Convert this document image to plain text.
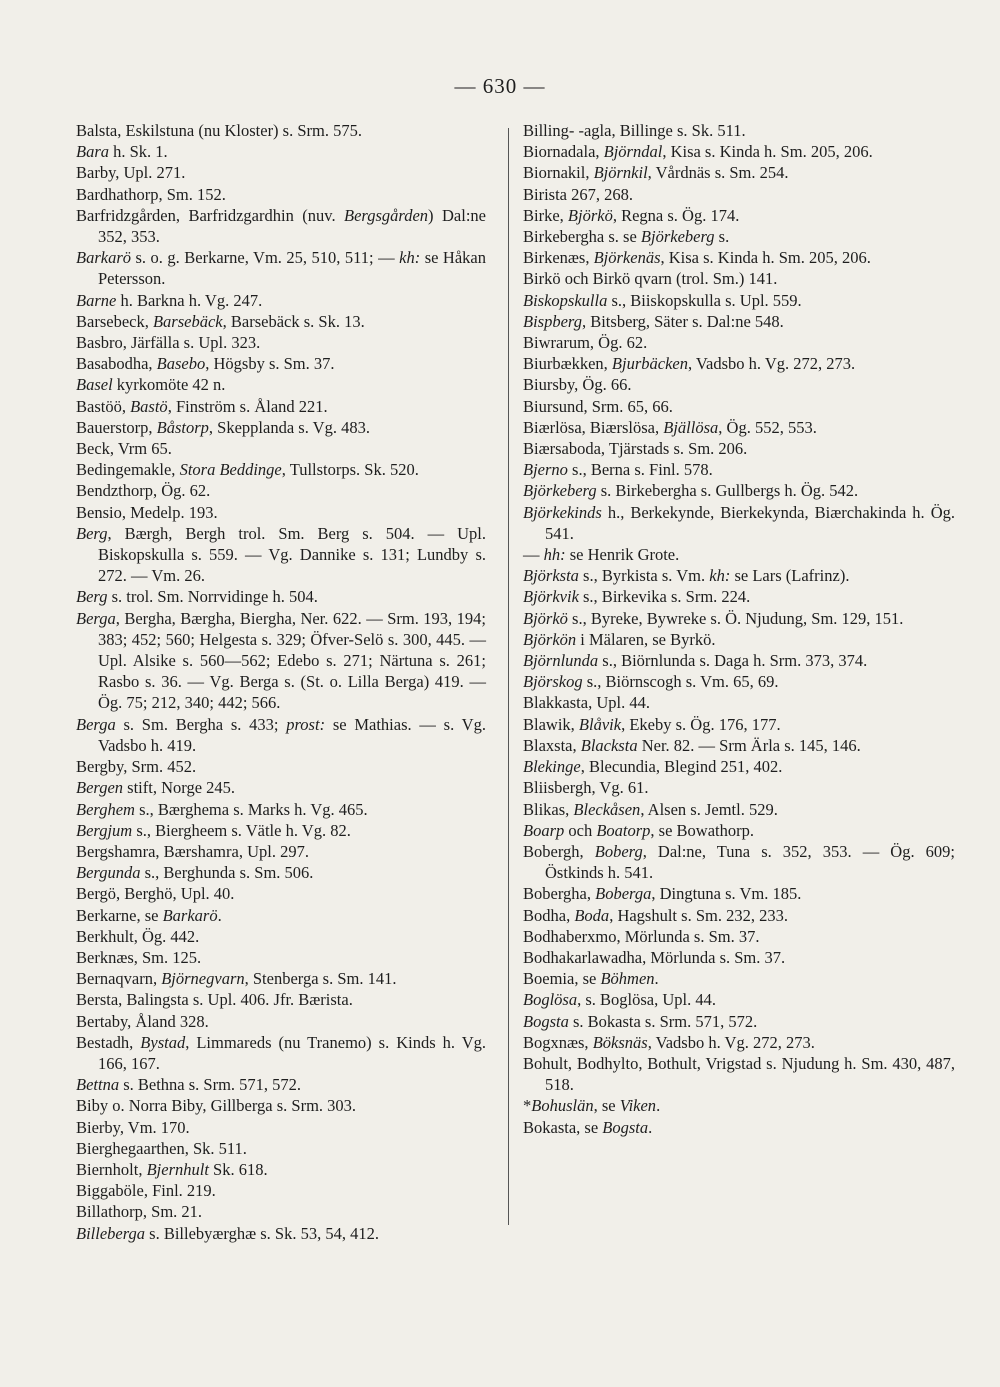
— 630 —

Balsta, Eskilstuna (nu Kloster) s. Srm. 575.

Bara h. Sk. 1.

Barby, Upl. 271.

Bardhathorp, Sm. 152.

Barfridzgården, Barfridzgardhin (nuv. Bergsgården) Dal:ne 352, 353.

Barkarö s. o. g. Berkarne, Vm. 25, 510, 511; — kh: se Håkan Petersson.

Barne h. Barkna h. Vg. 247.

Barsebeck, Barsebäck, Barsebäck s. Sk. 13.

Basbro, Järfälla s. Upl. 323.

Basabodha, Basebo, Högsby s. Sm. 37.

Basel kyrkomöte 42 n.

Bastöö, Bastö, Finström s. Åland 221.

Bauerstorp, Båstorp, Skepplanda s. Vg. 483.

Beck, Vrm 65.

Bedingemakle, Stora Beddinge, Tullstorps. Sk. 520.

Bendzthorp, Ög. 62.

Bensio, Medelp. 193.

Berg, Bærgh, Bergh trol. Sm. Berg s. 504. — Upl. Biskopskulla s. 559. — Vg. Dannike s. 131; Lundby s. 272. — Vm. 26.

Berg s. trol. Sm. Norrvidinge h. 504.

Berga, Bergha, Bærgha, Biergha, Ner. 622. — Srm. 193, 194; 383; 452; 560; Helgesta s. 329; Öfver-Selö s. 300, 445. — Upl. Alsike s. 560—562; Edebo s. 271; Närtuna s. 261; Rasbo s. 36. — Vg. Berga s. (St. o. Lilla Berga) 419. — Ög. 75; 212, 340; 442; 566.

Berga s. Sm. Bergha s. 433; prost: se Mathias. — s. Vg. Vadsbo h. 419.

Bergby, Srm. 452.

Bergen stift, Norge 245.

Berghem s., Bærghema s. Marks h. Vg. 465.

Bergjum s., Biergheem s. Vätle h. Vg. 82.

Bergshamra, Bærshamra, Upl. 297.

Bergunda s., Berghunda s. Sm. 506.

Bergö, Berghö, Upl. 40.

Berkarne, se Barkarö.

Berkhult, Ög. 442.

Berknæs, Sm. 125.

Bernaqvarn, Björnegvarn, Stenberga s. Sm. 141.

Bersta, Balingsta s. Upl. 406. Jfr. Bærista.

Bertaby, Åland 328.

Bestadh, Bystad, Limmareds (nu Tranemo) s. Kinds h. Vg. 166, 167.

Bettna s. Bethna s. Srm. 571, 572.

Biby o. Norra Biby, Gillberga s. Srm. 303.

Bierby, Vm. 170.

Bierghegaarthen, Sk. 511.

Biernholt, Bjernhult Sk. 618.

Biggaböle, Finl. 219.

Billathorp, Sm. 21.

Billeberga s. Billebyærghæ s. Sk. 53, 54, 412.

Billing- -agla, Billinge s. Sk. 511.

Biornadala, Björndal, Kisa s. Kinda h. Sm. 205, 206.

Biornakil, Björnkil, Vårdnäs s. Sm. 254.

Birista 267, 268.

Birke, Björkö, Regna s. Ög. 174.

Birkebergha s. se Björkeberg s.

Birkenæs, Björkenäs, Kisa s. Kinda h. Sm. 205, 206.

Birkö och Birkö qvarn (trol. Sm.) 141.

Biskopskulla s., Biiskopskulla s. Upl. 559.

Bispberg, Bitsberg, Säter s. Dal:ne 548.

Biwrarum, Ög. 62.

Biurbækken, Bjurbäcken, Vadsbo h. Vg. 272, 273.

Biursby, Ög. 66.

Biursund, Srm. 65, 66.

Biærlösa, Biærslösa, Bjällösa, Ög. 552, 553.

Biærsaboda, Tjärstads s. Sm. 206.

Bjerno s., Berna s. Finl. 578.

Björkeberg s. Birkebergha s. Gullbergs h. Ög. 542.

Björkekinds h., Berkekynde, Bierkekynda, Biærchakinda h. Ög. 541.

— hh: se Henrik Grote.

Björksta s., Byrkista s. Vm. kh: se Lars (Lafrinz).

Björkvik s., Birkevika s. Srm. 224.

Björkö s., Byreke, Bywreke s. Ö. Njudung, Sm. 129, 151.

Björkön i Mälaren, se Byrkö.

Björnlunda s., Biörnlunda s. Daga h. Srm. 373, 374.

Björskog s., Biörnscogh s. Vm. 65, 69.

Blakkasta, Upl. 44.

Blawik, Blåvik, Ekeby s. Ög. 176, 177.

Blaxsta, Blacksta Ner. 82. — Srm Ärla s. 145, 146.

Blekinge, Blecundia, Blegind 251, 402.

Bliisbergh, Vg. 61.

Blikas, Bleckåsen, Alsen s. Jemtl. 529.

Boarp och Boatorp, se Bowathorp.

Bobergh, Boberg, Dal:ne, Tuna s. 352, 353. — Ög. 609; Östkinds h. 541.

Bobergha, Boberga, Dingtuna s. Vm. 185.

Bodha, Boda, Hagshult s. Sm. 232, 233.

Bodhaberxmo, Mörlunda s. Sm. 37.

Bodhakarlawadha, Mörlunda s. Sm. 37.

Boemia, se Böhmen.

Boglösa, s. Boglösa, Upl. 44.

Bogsta s. Bokasta s. Srm. 571, 572.

Bogxnæs, Böksnäs, Vadsbo h. Vg. 272, 273.

Bohult, Bodhylto, Bothult, Vrigstad s. Njudung h. Sm. 430, 487, 518.

*Bohuslän, se Viken.

Bokasta, se Bogsta.
